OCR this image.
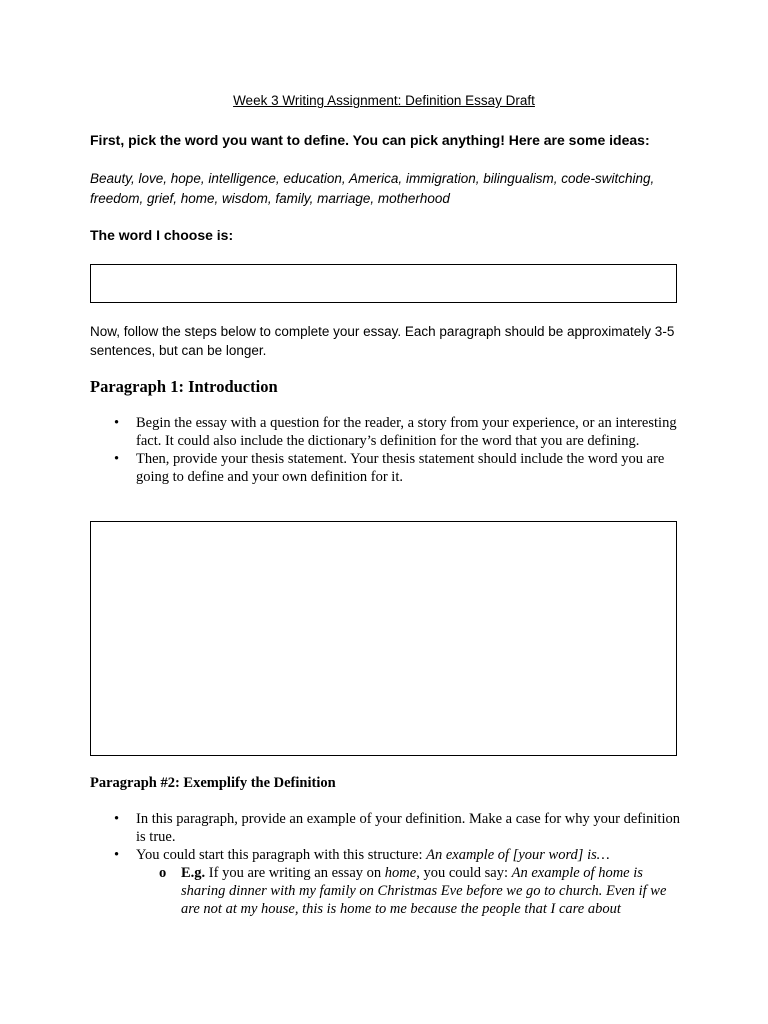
Week 3 Writing Assignment: Definition Essay Draft
First, pick the word you want to define. You can pick anything! Here are some ideas:
Beauty, love, hope, intelligence, education, America, immigration, bilingualism, code-switching, freedom, grief, home, wisdom, family, marriage, motherhood
The word I choose is:
Now, follow the steps below to complete your essay. Each paragraph should be approximately 3-5 sentences, but can be longer.
Paragraph 1: Introduction
• Begin the essay with a question for the reader, a story from your experience, or an interesting fact. It could also include the dictionary’s definition for the word that you are defining.
• Then, provide your thesis statement. Your thesis statement should include the word you are going to define and your own definition for it.
Paragraph #2: Exemplify the Definition
• In this paragraph, provide an example of your definition. Make a case for why your definition is true.
• You could start this paragraph with this structure: An example of [your word] is…
o E.g. If you are writing an essay on home, you could say: An example of home is sharing dinner with my family on Christmas Eve before we go to church. Even if we are not at my house, this is home to me because the people that I care about
